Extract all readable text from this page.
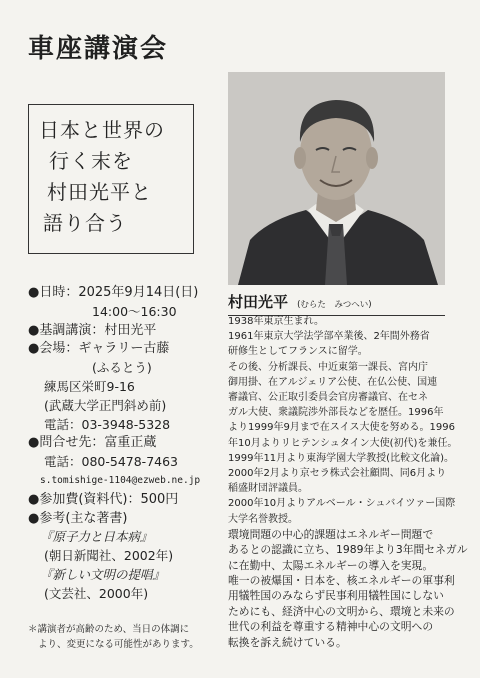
車座講演会
日本と世界の
行く末を
村田光平と
語り合う
●日時：2025年9月14日(日)
14:00～16:30
●基調講演：村田光平
●会場：ギャラリー古藤
(ふるとう)
練馬区栄町9-16
(武蔵大学正門斜め前)
電話：03-3948-5328
●問合せ先：富重正蔵
電話：080-5478-7463
s.tomishige-1104@ezweb.ne.jp
●参加費(資料代)：500円
●参考(主な著書)
『原子力と日本病』
(朝日新聞社、2002年)
『新しい文明の提唱』
(文芸社、2000年)
＊講演者が高齢のため、当日の体調に
より、変更になる可能性があります。
村田光平 (むらた　みつへい)
1938年東京生まれ。
1961年東京大学法学部卒業後、2年間外務省
研修生としてフランスに留学。
その後、分析課長、中近東第一課長、宮内庁
御用掛、在アルジェリア公使、在仏公使、国連
審議官、公正取引委員会官房審議官、在セネ
ガル大使、衆議院渉外部長などを歴任。1996年
より1999年9月まで在スイス大使を努める。1996
年10月よりリヒテンシュタイン大使(初代)を兼任。
1999年11月より東海学園大学教授(比較文化論)。
2000年2月より京セラ株式会社顧問、同6月より
稲盛財団評議員。
2000年10月よりアルベール・シュバイツァー国際
大学名誉教授。
環境問題の中心的課題はエネルギー問題で
あるとの認識に立ち、1989年より3年間セネガル
に在勤中、太陽エネルギーの導入を実現。
唯一の被爆国・日本を、核エネルギーの軍事利
用犠牲国のみならず民事利用犠牲国にしない
ためにも、経済中心の文明から、環境と未来の
世代の利益を尊重する精神中心の文明への
転換を訴え続けている。
